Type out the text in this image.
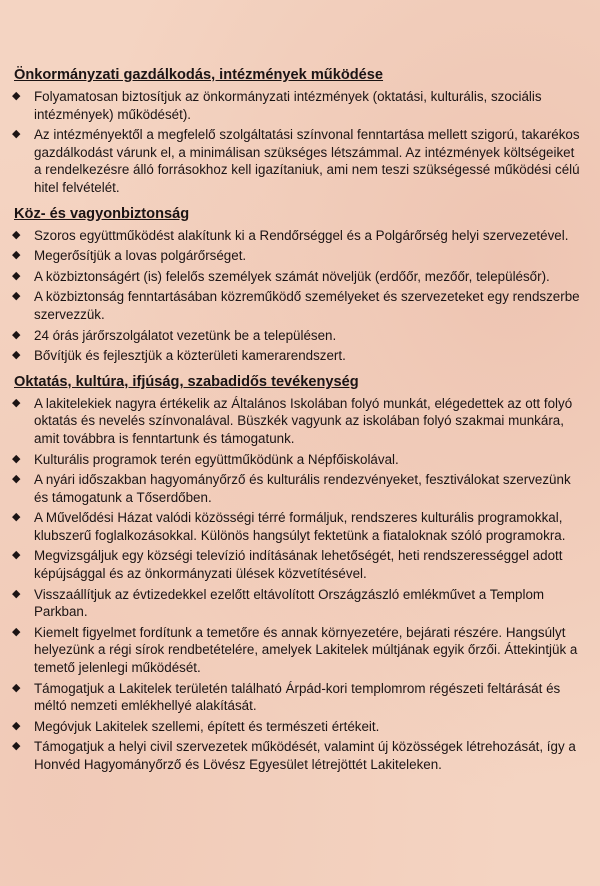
Önkormányzati gazdálkodás, intézmények működése
◆ Folyamatosan biztosítjuk az önkormányzati intézmények (oktatási, kulturális, szociális intézmények) működését).
◆ Az intézményektől a megfelelő szolgáltatási színvonal fenntartása mellett szigorú, takarékos gazdálkodást várunk el, a minimálisan szükséges létszámmal. Az intézmények költségeiket a rendelkezésre álló forrásokhoz kell igazítaniuk, ami nem teszi szükségessé működési célú hitel felvételét.
Köz- és vagyonbiztonság
◆ Szoros együttműködést alakítunk ki a Rendőrséggel és a Polgárőrség helyi szervezetével.
◆ Megerősítjük a lovas polgárőrséget.
◆ A közbiztonságért (is) felelős személyek számát növeljük (erdőőr, mezőőr, településőr).
◆ A közbiztonság fenntartásában közreműködő személyeket és szervezeteket egy rendszerbe szervezzük.
◆ 24 órás járőrszolgálatot vezetünk be a településen.
◆ Bővítjük és fejlesztjük a közterületi kamerarendszert.
Oktatás, kultúra, ifjúság, szabadidős tevékenység
◆ A lakitelekiek nagyra értékelik az Általános Iskolában folyó munkát, elégedettek az ott folyó oktatás és nevelés színvonalával. Büszkék vagyunk az iskolában folyó szakmai munkára, amit továbbra is fenntartunk és támogatunk.
◆ Kulturális programok terén együttműködünk a Népfőiskolával.
◆ A nyári időszakban hagyományőrző és kulturális rendezvényeket, fesztiválokat szervezünk és támogatunk a Tőserdőben.
◆ A Művelődési Házat valódi közösségi térré formáljuk, rendszeres kulturális programokkal, klubszerű foglalkozásokkal. Különös hangsúlyt fektetünk a fiataloknak szóló programokra.
◆ Megvizsgáljuk egy községi televízió indításának lehetőségét, heti rendszerességgel adott képújsággal és az önkormányzati ülések közvetítésével.
◆ Visszaállítjuk az évtizedekkel ezelőtt eltávolított Országzászló emlékművet a Templom Parkban.
◆ Kiemelt figyelmet fordítunk a temetőre és annak környezetére, bejárati részére. Hangsúlyt helyezünk a régi sírok rendbetételére, amelyek Lakitelek múltjának egyik őrzői. Áttekintjük a temető jelenlegi működését.
◆ Támogatjuk a Lakitelek területén található Árpád-kori templomrom régészeti feltárását és méltó nemzeti emlékhellyé alakítását.
◆ Megóvjuk Lakitelek szellemi, épített és természeti értékeit.
◆ Támogatjuk a helyi civil szervezetek működését, valamint új közösségek létrehozását, így a Honvéd Hagyományőrző és Lövész Egyesület létrejöttét Lakiteleken.
